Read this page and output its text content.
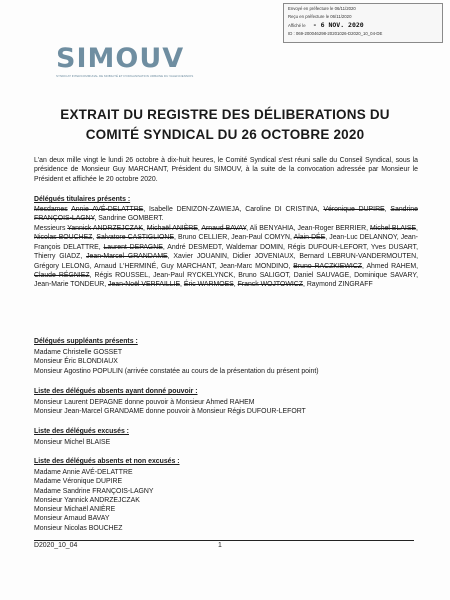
Envoyé en préfecture le 06/11/2020
Reçu en préfecture le 06/11/2020
Affiché le - 6 NOV. 2020
ID : 069-200046298-20201026-D2020_10_04-DE
SIMOUV
SYNDICAT INTERCOMMUNAL DE MOBILITÉ ET D'ORGANISATION URBAINE DU VALENCIENNOIS
EXTRAIT DU REGISTRE DES DÉLIBERATIONS DU
COMITÉ SYNDICAL DU 26 OCTOBRE 2020
L'an deux mille vingt le lundi 26 octobre à dix-huit heures, le Comité Syndical s'est réuni salle du Conseil Syndical, sous la présidence de Monsieur Guy MARCHANT, Président du SIMOUV, à la suite de la convocation adressée par Monsieur le Président et affichée le 20 octobre 2020.
Délégués titulaires présents :
Mesdames Annie AVÉ-DELATTRE, Isabelle DENIZON-ZAWIEJA, Caroline DI CRISTINA, Véronique DUPIRE, Sandrine FRANÇOIS-LAGNY, Sandrine GOMBERT.
Messieurs Yannick ANDRZEJCZAK, Michaël ANIÈRE, Arnaud BAVAY, Ali BENYAHIA, Jean-Roger BERRIER, Michel BLAISE, Nicolas BOUCHEZ, Salvatore CASTIGLIONE, Bruno CELLIER, Jean-Paul COMYN, Alain DÉE, Jean-Luc DELANNOY, Jean-François DELATTRE, Laurent DEPAGNE, André DESMEDT, Waldemar DOMIN, Régis DUFOUR-LEFORT, Yves DUSART, Thierry GIADZ, Jean-Marcel GRANDAME, Xavier JOUANIN, Didier JOVENIAUX, Bernard LEBRUN-VANDERMOUTEN, Grégory LELONG, Arnaud L'HERMINÉ, Guy MARCHANT, Jean-Marc MONDINO, Bruno RACZKIEWICZ, Ahmed RAHEM, Claude RÉGNIEZ, Régis ROUSSEL, Jean-Paul RYCKELYNCK, Bruno SALIGOT, Daniel SAUVAGE, Dominique SAVARY, Jean-Marie TONDEUR, Jean-Noël VERFAILLIE, Éric WARMOES, Franck WOJTOWICZ, Raymond ZINGRAFF
Délégués suppléants présents :
Madame Christelle GOSSET
Monsieur Éric BLONDIAUX
Monsieur Agostino POPULIN (arrivée constatée au cours de la présentation du présent point)
Liste des délégués absents ayant donné pouvoir :
Monsieur Laurent DEPAGNE donne pouvoir à Monsieur Ahmed RAHEM
Monsieur Jean-Marcel GRANDAME donne pouvoir à Monsieur Régis DUFOUR-LEFORT
Liste des délégués excusés :
Monsieur Michel BLAISE
Liste des délégués absents et non excusés :
Madame Annie AVÉ-DELATTRE
Madame Véronique DUPIRE
Madame Sandrine FRANÇOIS-LAGNY
Monsieur Yannick ANDRZEJCZAK
Monsieur Michaël ANIÈRE
Monsieur Arnaud BAVAY
Monsieur Nicolas BOUCHEZ
D2020_10_04	1
